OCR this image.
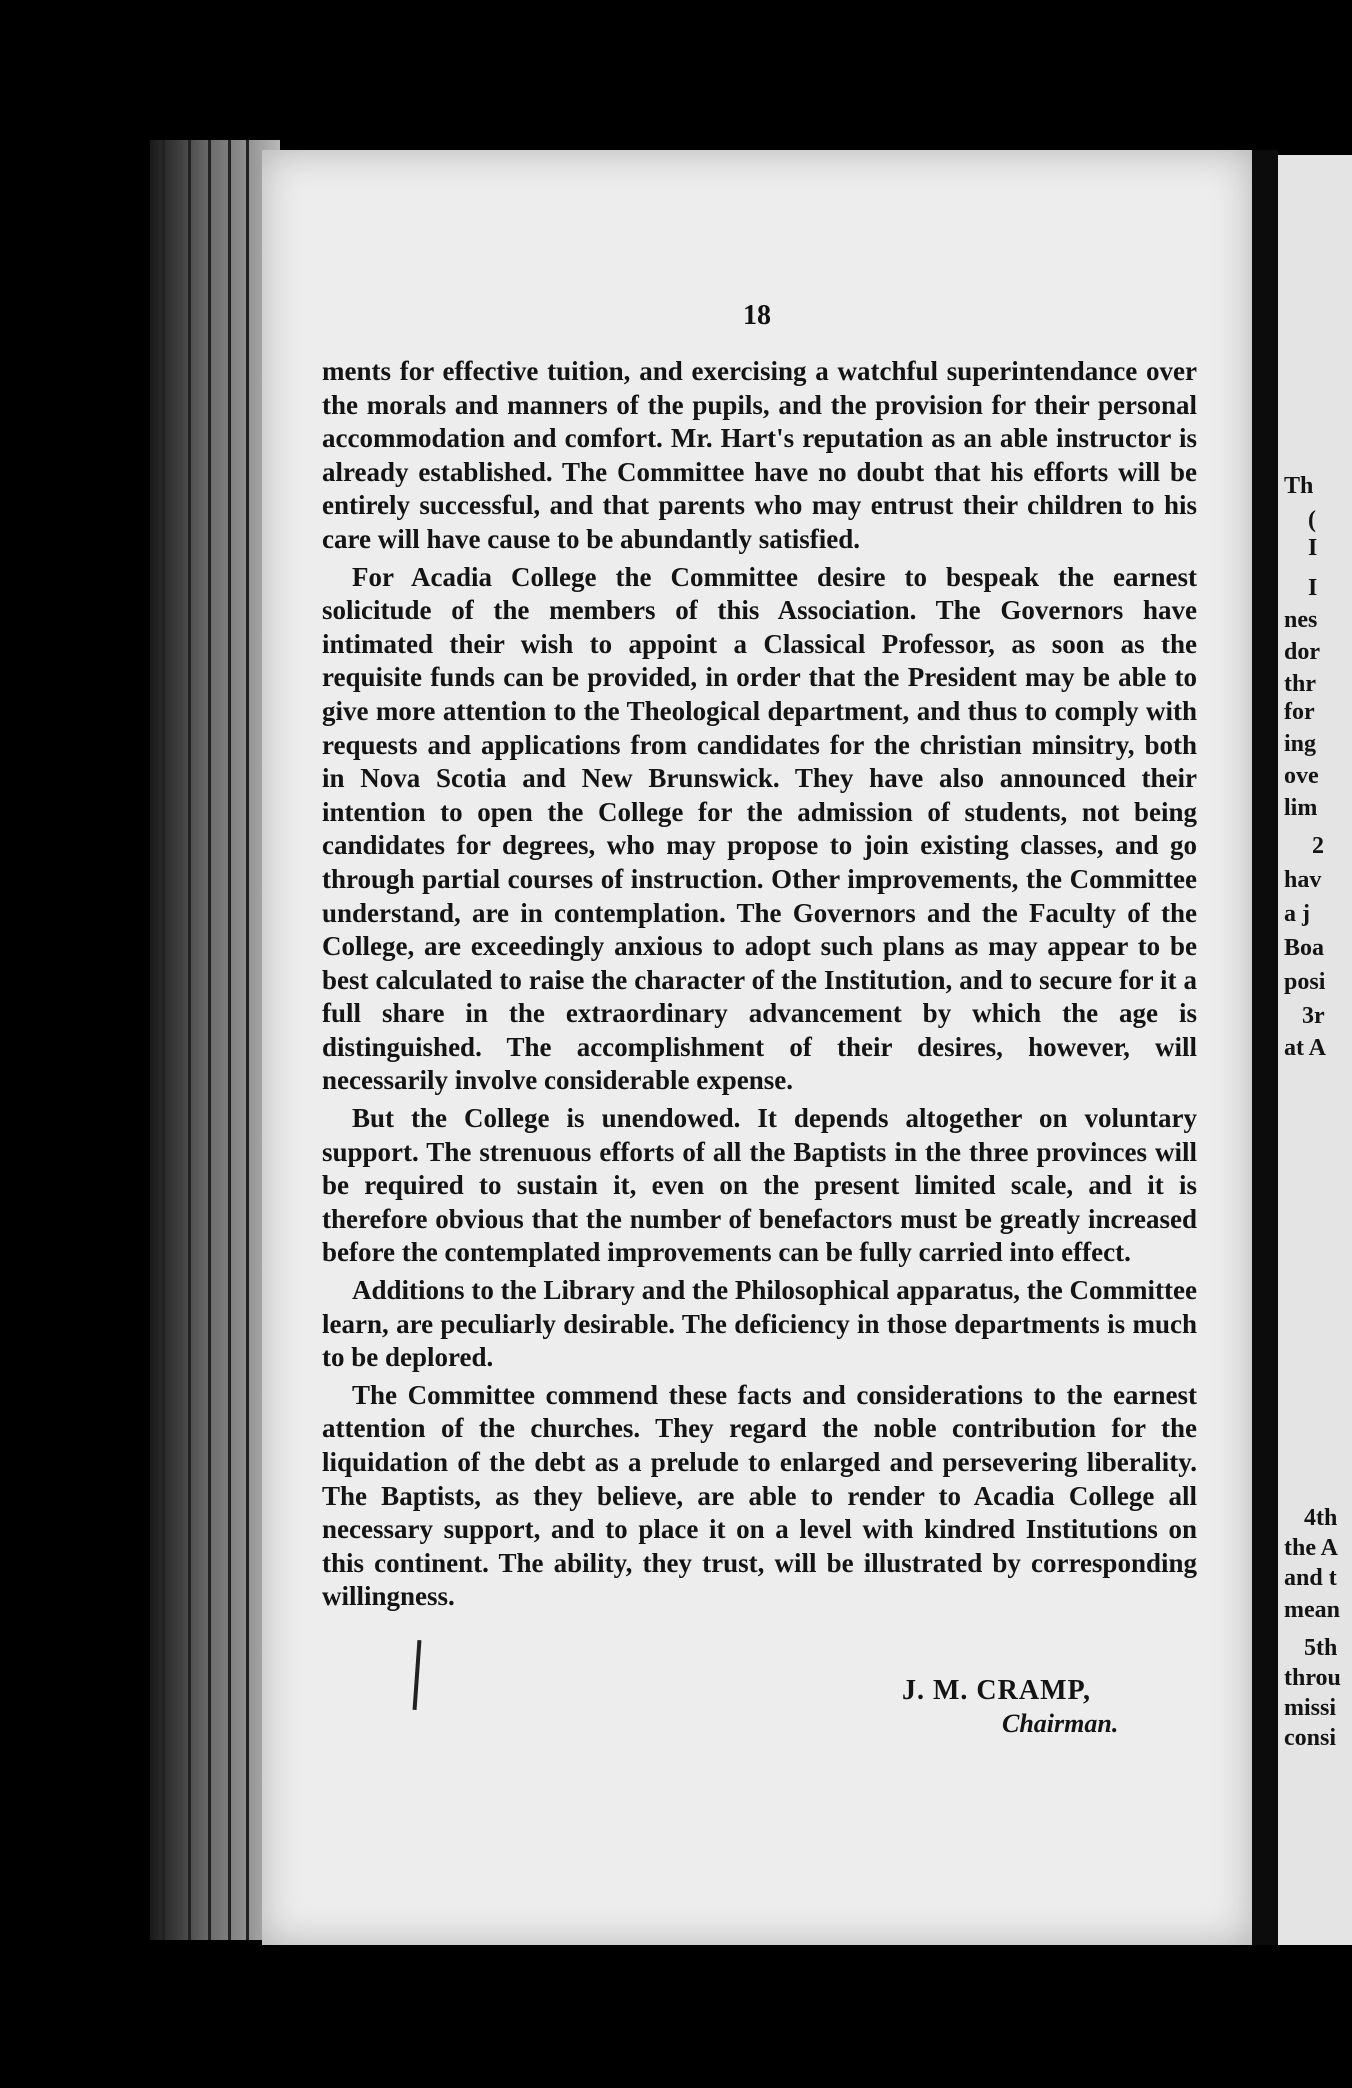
18

ments for effective tuition, and exercising a watchful superintendance over the morals and manners of the pupils, and the provision for their personal accommodation and comfort. Mr. Hart's reputation as an able instructor is already established. The Committee have no doubt that his efforts will be entirely successful, and that parents who may entrust their children to his care will have cause to be abundantly satisfied.

For Acadia College the Committee desire to bespeak the earnest solicitude of the members of this Association. The Governors have intimated their wish to appoint a Classical Professor, as soon as the requisite funds can be provided, in order that the President may be able to give more attention to the Theological department, and thus to comply with requests and applications from candidates for the christian minsitry, both in Nova Scotia and New Brunswick. They have also announced their intention to open the College for the admission of students, not being candidates for degrees, who may propose to join existing classes, and go through partial courses of instruction. Other improvements, the Committee understand, are in contemplation. The Governors and the Faculty of the College, are exceedingly anxious to adopt such plans as may appear to be best calculated to raise the character of the Institution, and to secure for it a full share in the extraordinary advancement by which the age is distinguished. The accomplishment of their desires, however, will necessarily involve considerable expense.

But the College is unendowed. It depends altogether on voluntary support. The strenuous efforts of all the Baptists in the three provinces will be required to sustain it, even on the present limited scale, and it is therefore obvious that the number of benefactors must be greatly increased before the contemplated improvements can be fully carried into effect.

Additions to the Library and the Philosophical apparatus, the Committee learn, are peculiarly desirable. The deficiency in those departments is much to be deplored.

The Committee commend these facts and considerations to the earnest attention of the churches. They regard the noble contribution for the liquidation of the debt as a prelude to enlarged and persevering liberality. The Baptists, as they believe, are able to render to Acadia College all necessary support, and to place it on a level with kindred Institutions on this continent. The ability, they trust, will be illustrated by corresponding willingness.

J. M. CRAMP,
Chairman.
Th
(
I
I
nes
dor
thr
for
ing
ove
lim
2
hav
a j
Boa
posi
3r
at A
4th
the A
and t
mean
5th
throu
missi
consi
